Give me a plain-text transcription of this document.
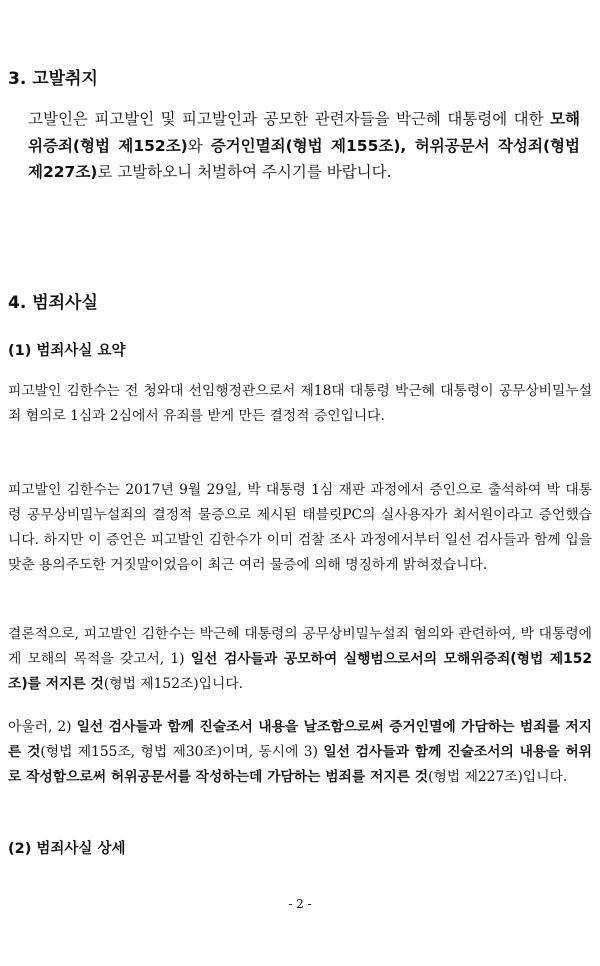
3. 고발취지

고발인은 피고발인 및 피고발인과 공모한 관련자들을 박근혜 대통령에 대한 모해위증죄(형법 제152조)와 증거인멸죄(형법 제155조), 허위공문서 작성죄(형법 제227조)로 고발하오니 처벌하여 주시기를 바랍니다.

4. 범죄사실
(1) 범죄사실 요약

피고발인 김한수는 전 청와대 선임행정관으로서 제18대 대통령 박근혜 대통령이 공무상비밀누설죄 혐의로 1심과 2심에서 유죄를 받게 만든 결정적 증인입니다.

피고발인 김한수는 2017년 9월 29일, 박 대통령 1심 재판 과정에서 증인으로 출석하여 박 대통령 공무상비밀누설죄의 결정적 물증으로 제시된 태블릿PC의 실사용자가 최서원이라고 증언했습니다. 하지만 이 증언은 피고발인 김한수가 이미 검찰 조사 과정에서부터 일선 검사들과 함께 입을 맞춘 용의주도한 거짓말이었음이 최근 여러 물증에 의해 명징하게 밝혀졌습니다.

결론적으로, 피고발인 김한수는 박근혜 대통령의 공무상비밀누설죄 혐의와 관련하여, 박 대통령에게 모해의 목적을 갖고서, 1) 일선 검사들과 공모하여 실행범으로서의 모해위증죄(형법 제152조)를 저지른 것(형법 제152조)입니다.

아울러, 2) 일선 검사들과 함께 진술조서 내용을 날조함으로써 증거인멸에 가담하는 범죄를 저지른 것(형법 제155조, 형법 제30조)이며, 동시에 3) 일선 검사들과 함께 진술조서의 내용을 허위로 작성함으로써 허위공문서를 작성하는데 가담하는 범죄를 저지른 것(형법 제227조)입니다.

(2) 범죄사실 상세

- 2 -
